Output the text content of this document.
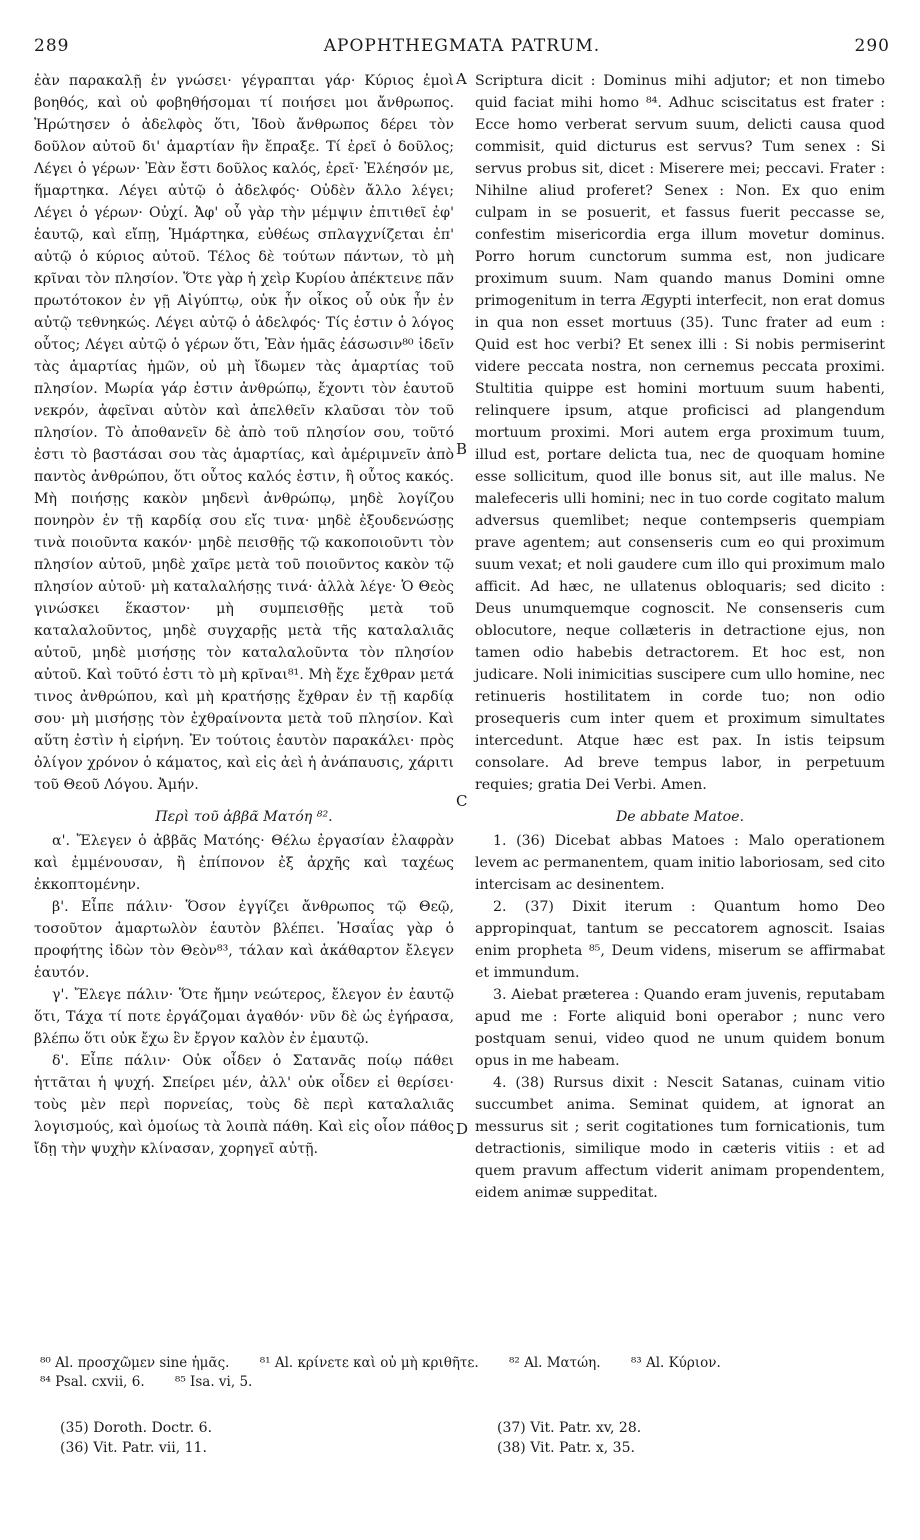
289	APOPHTHEGMATA PATRUM.	290

ἐὰν παρακαλῇ ἐν γνώσει· γέγραπται γάρ· Κύριος ἐμοὶ βοηθός, καὶ οὐ φοβηθήσομαι τί ποιήσει μοι ἄνθρωπος. Ἠρώτησεν ὁ ἀδελφὸς ὅτι, Ἰδοὺ ἄνθρωπος δέρει τὸν δοῦλον αὐτοῦ δι' ἁμαρτίαν ἣν ἔπραξε. Τί ἐρεῖ ὁ δοῦλος; Λέγει ὁ γέρων· Ἐὰν ἔστι δοῦλος καλός, ἐρεῖ· Ἐλέησόν με, ἥμαρτηκα. Λέγει αὐτῷ ὁ ἀδελφός· Οὐδὲν ἄλλο λέγει; Λέγει ὁ γέρων· Οὐχί. Ἀφ' οὗ γὰρ τὴν μέμψιν ἐπιτιθεῖ ἐφ' ἑαυτῷ, καὶ εἴπῃ, Ἡμάρτηκα, εὐθέως σπλαγχνίζεται ἐπ' αὐτῷ ὁ κύριος αὐτοῦ. Τέλος δὲ τούτων πάντων, τὸ μὴ κρῖναι τὸν πλησίον. Ὅτε γὰρ ἡ χεὶρ Κυρίου ἀπέκτεινε πᾶν πρωτότοκον ἐν γῇ Αἰγύπτῳ, οὐκ ἦν οἶκος οὗ οὐκ ἦν ἐν αὐτῷ τεθνηκώς. Λέγει αὐτῷ ὁ ἀδελφός· Τίς ἐστιν ὁ λόγος οὗτος; Λέγει αὐτῷ ὁ γέρων ὅτι, Ἐὰν ἡμᾶς ἐάσωσιν⁸⁰ ἰδεῖν τὰς ἁμαρτίας ἡμῶν, οὐ μὴ ἴδωμεν τὰς ἁμαρτίας τοῦ πλησίον. Μωρία γάρ ἐστιν ἀνθρώπῳ, ἔχοντι τὸν ἑαυτοῦ νεκρόν, ἀφεῖναι αὐτὸν καὶ ἀπελθεῖν κλαῦσαι τὸν τοῦ πλησίον. Τὸ ἀποθανεῖν δὲ ἀπὸ τοῦ πλησίον σου, τοῦτό ἐστι τὸ βαστάσαι σου τὰς ἁμαρτίας, καὶ ἀμέριμνεῖν ἀπὸ παντὸς ἀνθρώπου, ὅτι οὗτος καλός ἐστιν, ἢ οὗτος κακός. Μὴ ποιήσῃς κακὸν μηδενὶ ἀνθρώπῳ, μηδὲ λογίζου πονηρὸν ἐν τῇ καρδίᾳ σου εἴς τινα· μηδὲ ἐξουδενώσῃς τινὰ ποιοῦντα κακόν· μηδὲ πεισθῇς τῷ κακοποιοῦντι τὸν πλησίον αὐτοῦ, μηδὲ χαῖρε μετὰ τοῦ ποιοῦντος κακὸν τῷ πλησίον αὐτοῦ· μὴ καταλαλήσῃς τινά· ἀλλὰ λέγε· Ὁ Θεὸς γινώσκει ἕκαστον· μὴ συμπεισθῇς μετὰ τοῦ καταλαλοῦντος, μηδὲ συγχαρῇς μετὰ τῆς καταλαλιᾶς αὐτοῦ, μηδὲ μισήσῃς τὸν καταλαλοῦντα τὸν πλησίον αὐτοῦ. Καὶ τοῦτό ἐστι τὸ μὴ κρῖναι⁸¹. Μὴ ἔχε ἔχθραν μετά τινος ἀνθρώπου, καὶ μὴ κρατήσῃς ἔχθραν ἐν τῇ καρδίᾳ σου· μὴ μισήσῃς τὸν ἐχθραίνοντα μετὰ τοῦ πλησίον. Καὶ αὕτη ἐστὶν ἡ εἰρήνη. Ἐν τούτοις ἑαυτὸν παρακάλει· πρὸς ὀλίγον χρόνον ὁ κάματος, καὶ εἰς ἀεὶ ἡ ἀνάπαυσις, χάριτι τοῦ Θεοῦ Λόγου. Ἀμήν.

Περὶ τοῦ ἀββᾶ Ματόη ⁸².

α'. Ἔλεγεν ὁ ἀββᾶς Ματόης· Θέλω ἐργασίαν ἐλαφρὰν καὶ ἐμμένουσαν, ἢ ἐπίπονον ἐξ ἀρχῆς καὶ ταχέως ἐκκοπτομένην.

β'. Εἶπε πάλιν· Ὅσον ἐγγίζει ἄνθρωπος τῷ Θεῷ, τοσοῦτον ἁμαρτωλὸν ἑαυτὸν βλέπει. Ἡσαΐας γὰρ ὁ προφήτης ἰδὼν τὸν Θεὸν⁸³, τάλαν καὶ ἀκάθαρτον ἔλεγεν ἑαυτόν.

γ'. Ἔλεγε πάλιν· Ὅτε ἤμην νεώτερος, ἔλεγον ἐν ἑαυτῷ ὅτι, Τάχα τί ποτε ἐργάζομαι ἀγαθόν· νῦν δὲ ὡς ἐγήρασα, βλέπω ὅτι οὐκ ἔχω ἓν ἔργον καλὸν ἐν ἐμαυτῷ.

δ'. Εἶπε πάλιν· Οὐκ οἶδεν ὁ Σατανᾶς ποίῳ πάθει ἡττᾶται ἡ ψυχή. Σπείρει μέν, ἀλλ' οὐκ οἶδεν εἰ θερίσει· τοὺς μὲν περὶ πορνείας, τοὺς δὲ περὶ καταλαλιᾶς λογισμούς, καὶ ὁμοίως τὰ λοιπὰ πάθη. Καὶ εἰς οἷον πάθος ἴδῃ τὴν ψυχὴν κλίνασαν, χορηγεῖ αὐτῇ.

A
B
C
D

Scriptura dicit : Dominus mihi adjutor; et non timebo quid faciat mihi homo ⁸⁴. Adhuc sciscitatus est frater : Ecce homo verberat servum suum, delicti causa quod commisit, quid dicturus est servus? Tum senex : Si servus probus sit, dicet : Miserere mei; peccavi. Frater : Nihilne aliud proferet? Senex : Non. Ex quo enim culpam in se posuerit, et fassus fuerit peccasse se, confestim misericordia erga illum movetur dominus. Porro horum cunctorum summa est, non judicare proximum suum. Nam quando manus Domini omne primogenitum in terra Ægypti interfecit, non erat domus in qua non esset mortuus (35). Tunc frater ad eum : Quid est hoc verbi? Et senex illi : Si nobis permiserint videre peccata nostra, non cernemus peccata proximi. Stultitia quippe est homini mortuum suum habenti, relinquere ipsum, atque proficisci ad plangendum mortuum proximi. Mori autem erga proximum tuum, illud est, portare delicta tua, nec de quoquam homine esse sollicitum, quod ille bonus sit, aut ille malus. Ne malefeceris ulli homini; nec in tuo corde cogitato malum adversus quemlibet; neque contempseris quempiam prave agentem; aut consenseris cum eo qui proximum suum vexat; et noli gaudere cum illo qui proximum malo afficit. Ad hæc, ne ullatenus obloquaris; sed dicito : Deus unumquemque cognoscit. Ne consenseris cum oblocutore, neque collæteris in detractione ejus, non tamen odio habebis detractorem. Et hoc est, non judicare. Noli inimicitias suscipere cum ullo homine, nec retinueris hostilitatem in corde tuo; non odio prosequeris cum inter quem et proximum simultates intercedunt. Atque hæc est pax. In istis teipsum consolare. Ad breve tempus labor, in perpetuum requies; gratia Dei Verbi. Amen.

De abbate Matoe.

1. (36) Dicebat abbas Matoes : Malo operationem levem ac permanentem, quam initio laboriosam, sed cito intercisam ac desinentem.

2. (37) Dixit iterum : Quantum homo Deo appropinquat, tantum se peccatorem agnoscit. Isaias enim propheta ⁸⁵, Deum videns, miserum se affirmabat et immundum.

3. Aiebat præterea : Quando eram juvenis, reputabam apud me : Forte aliquid boni operabor ; nunc vero postquam senui, video quod ne unum quidem bonum opus in me habeam.

4. (38) Rursus dixit : Nescit Satanas, cuinam vitio succumbet anima. Seminat quidem, at ignorat an messurus sit ; serit cogitationes tum fornicationis, tum detractionis, similique modo in cæteris vitiis : et ad quem pravum affectum viderit animam propendentem, eidem animæ suppeditat.

⁸⁰ Al. προσχῶμεν sine ἡμᾶς. ⁸¹ Al. κρίνετε καὶ οὐ μὴ κριθῆτε. ⁸² Al. Ματώη. ⁸³ Al. Κύριον.
⁸⁴ Psal. cxvii, 6. ⁸⁵ Isa. vi, 5.
(35) Doroth. Doctr. 6.
(36) Vit. Patr. vii, 11.
(37) Vit. Patr. xv, 28.
(38) Vit. Patr. x, 35.
